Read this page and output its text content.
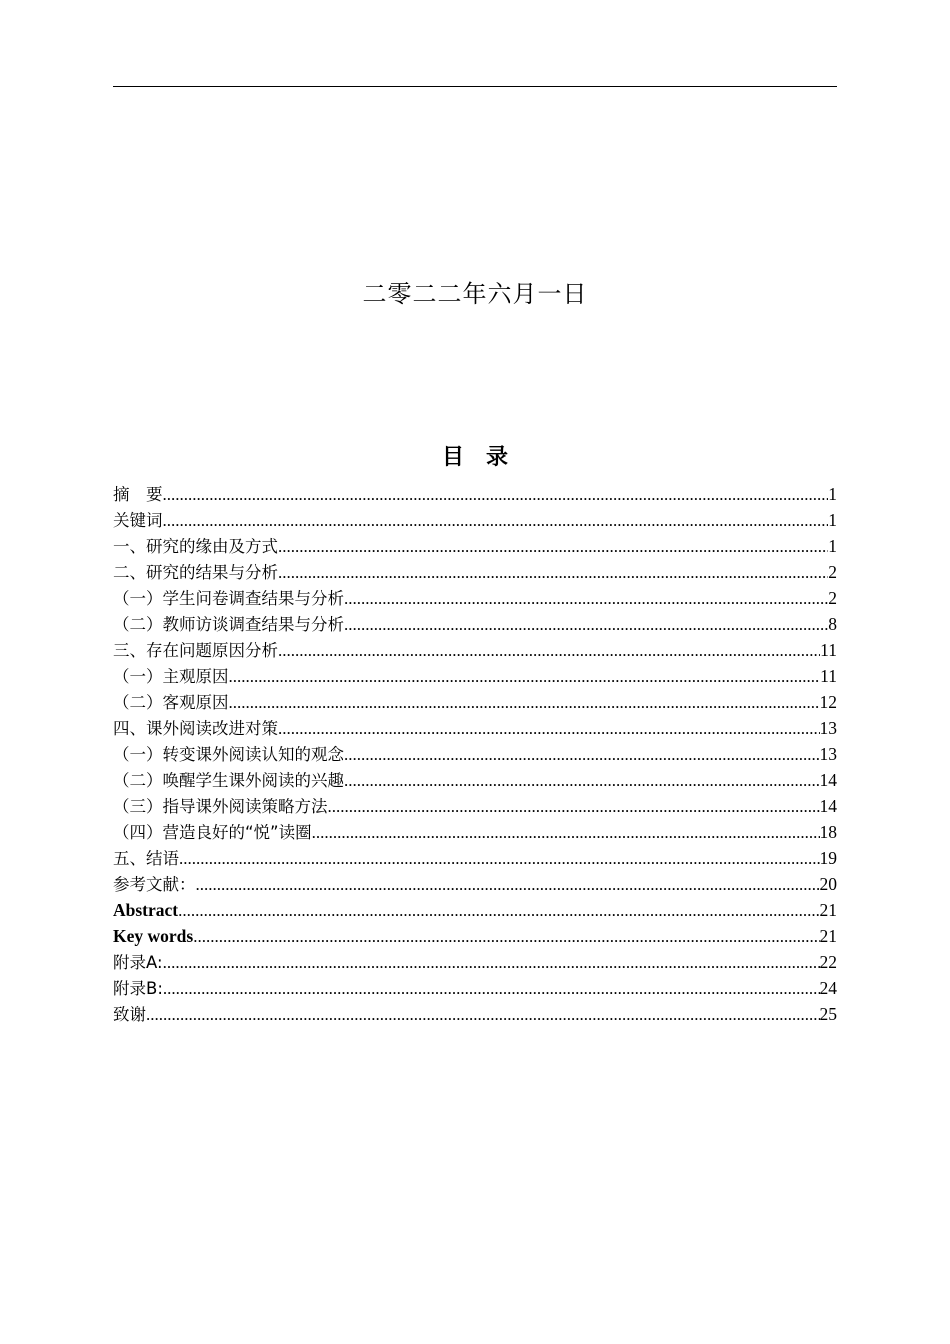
二零二二年六月一日
目 录
摘　要 .....	1
关键词 .....	1
一、研究的缘由及方式 .....	1
二、研究的结果与分析 .....	2
（一）学生问卷调查结果与分析 .....	2
（二）教师访谈调查结果与分析 .....	8
三、存在问题原因分析 .....	11
（一）主观原因 .....	11
（二）客观原因 .....	12
四、课外阅读改进对策 .....	13
（一）转变课外阅读认知的观念 .....	13
（二）唤醒学生课外阅读的兴趣 .....	14
（三）指导课外阅读策略方法 .....	14
（四）营造良好的“悦”读圈 .....	18
五、结语 .....	19
参考文献： .....	20
Abstract .....	21
Key words .....	21
附录A: .....	22
附录B: .....	24
致谢 .....	25
